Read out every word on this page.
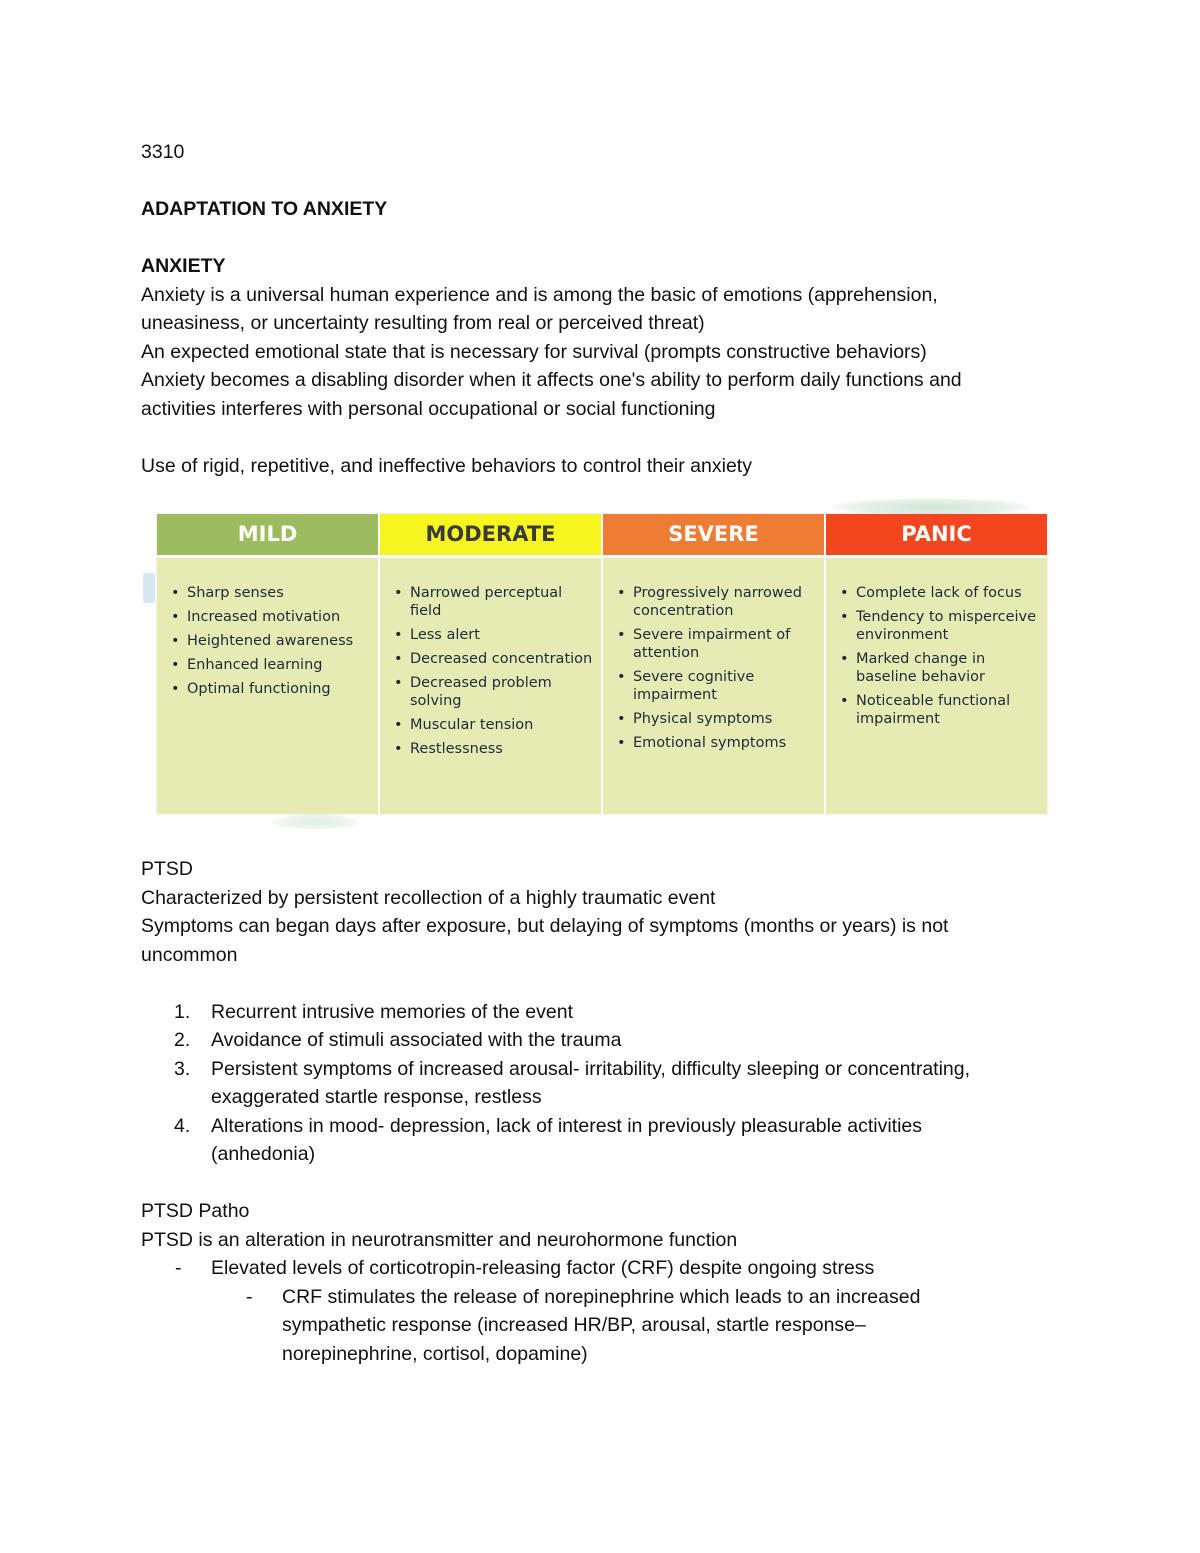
3310
ADAPTATION TO ANXIETY
ANXIETY
Anxiety is a universal human experience and is among the basic of emotions (apprehension,
uneasiness, or uncertainty resulting from real or perceived threat)
An expected emotional state that is necessary for survival (prompts constructive behaviors)
Anxiety becomes a disabling disorder when it affects one's ability to perform daily functions and
activities interferes with personal occupational or social functioning
Use of rigid, repetitive, and ineffective behaviors to control their anxiety
MILD
• Sharp senses
• Increased motivation
• Heightened awareness
• Enhanced learning
• Optimal functioning
MODERATE
• Narrowed perceptual field
• Less alert
• Decreased concentration
• Decreased problem solving
• Muscular tension
• Restlessness
SEVERE
• Progressively narrowed concentration
• Severe impairment of attention
• Severe cognitive impairment
• Physical symptoms
• Emotional symptoms
PANIC
• Complete lack of focus
• Tendency to misperceive environment
• Marked change in baseline behavior
• Noticeable functional impairment
PTSD
Characterized by persistent recollection of a highly traumatic event
Symptoms can began days after exposure, but delaying of symptoms (months or years) is not
uncommon
1. Recurrent intrusive memories of the event
2. Avoidance of stimuli associated with the trauma
3. Persistent symptoms of increased arousal- irritability, difficulty sleeping or concentrating,
exaggerated startle response, restless
4. Alterations in mood- depression, lack of interest in previously pleasurable activities
(anhedonia)
PTSD Patho
PTSD is an alteration in neurotransmitter and neurohormone function
- Elevated levels of corticotropin-releasing factor (CRF) despite ongoing stress
- CRF stimulates the release of norepinephrine which leads to an increased
sympathetic response (increased HR/BP, arousal, startle response–
norepinephrine, cortisol, dopamine)
